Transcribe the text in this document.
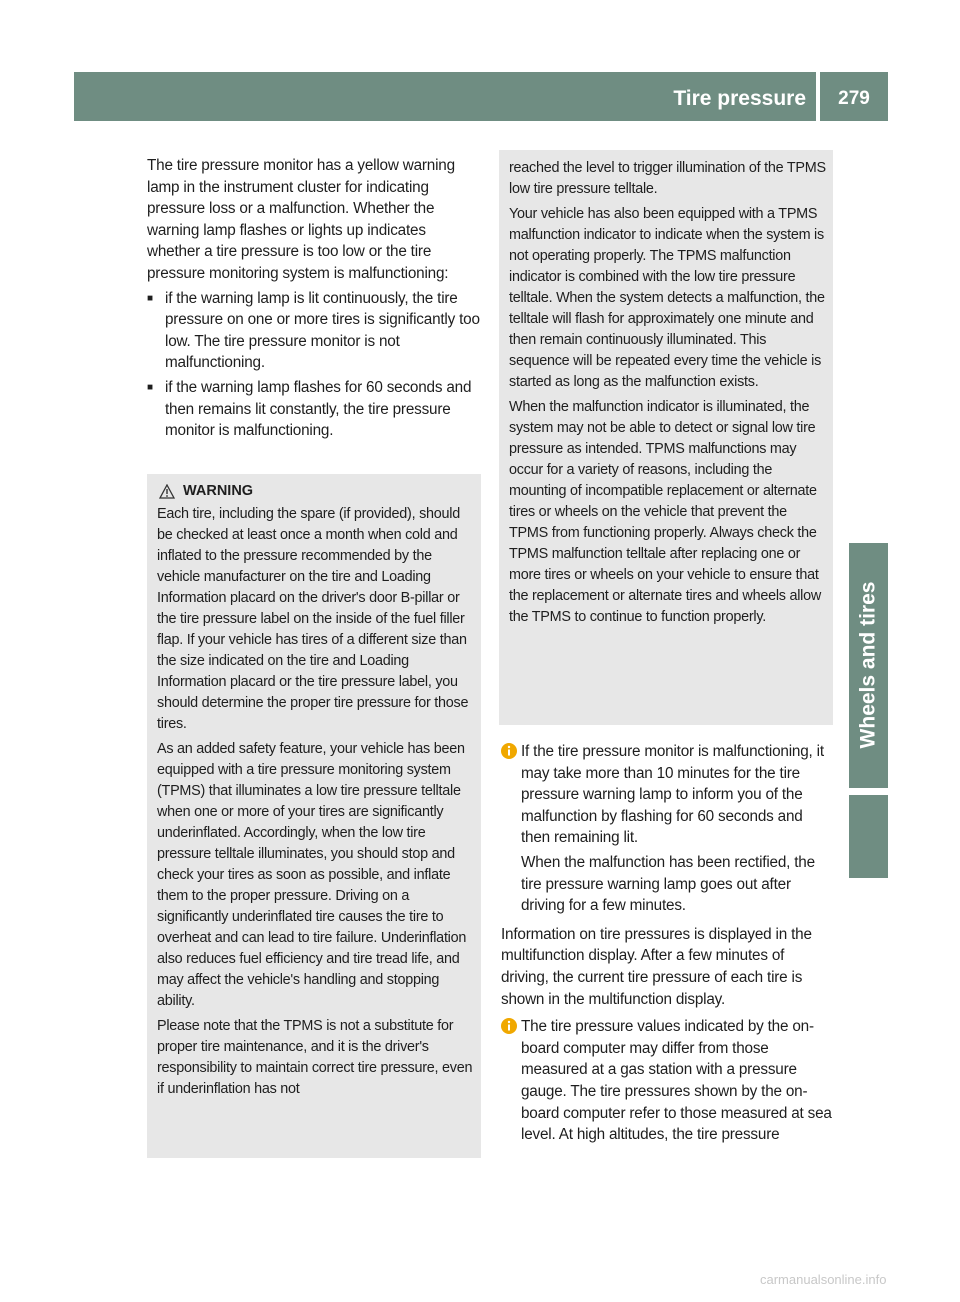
Tire pressure	279
Wheels and tires

The tire pressure monitor has a yellow warning lamp in the instrument cluster for indicating pressure loss or a malfunction. Whether the warning lamp flashes or lights up indicates whether a tire pressure is too low or the tire pressure monitoring system is malfunctioning:

■ if the warning lamp is lit continuously, the tire pressure on one or more tires is significantly too low. The tire pressure monitor is not malfunctioning.
■ if the warning lamp flashes for 60 seconds and then remains lit constantly, the tire pressure monitor is malfunctioning.
WARNING

Each tire, including the spare (if provided), should be checked at least once a month when cold and inflated to the pressure recommended by the vehicle manufacturer on the tire and Loading Information placard on the driver's door B-pillar or the tire pressure label on the inside of the fuel filler flap. If your vehicle has tires of a different size than the size indicated on the tire and Loading Information placard or the tire pressure label, you should determine the proper tire pressure for those tires.

As an added safety feature, your vehicle has been equipped with a tire pressure monitoring system (TPMS) that illuminates a low tire pressure telltale when one or more of your tires are significantly underinflated. Accordingly, when the low tire pressure telltale illuminates, you should stop and check your tires as soon as possible, and inflate them to the proper pressure. Driving on a significantly underinflated tire causes the tire to overheat and can lead to tire failure. Underinflation also reduces fuel efficiency and tire tread life, and may affect the vehicle's handling and stopping ability.

Please note that the TPMS is not a substitute for proper tire maintenance, and it is the driver's responsibility to maintain correct tire pressure, even if underinflation has not

reached the level to trigger illumination of the TPMS low tire pressure telltale.

Your vehicle has also been equipped with a TPMS malfunction indicator to indicate when the system is not operating properly. The TPMS malfunction indicator is combined with the low tire pressure telltale. When the system detects a malfunction, the telltale will flash for approximately one minute and then remain continuously illuminated. This sequence will be repeated every time the vehicle is started as long as the malfunction exists.

When the malfunction indicator is illuminated, the system may not be able to detect or signal low tire pressure as intended. TPMS malfunctions may occur for a variety of reasons, including the mounting of incompatible replacement or alternate tires or wheels on the vehicle that prevent the TPMS from functioning properly. Always check the TPMS malfunction telltale after replacing one or more tires or wheels on your vehicle to ensure that the replacement or alternate tires and wheels allow the TPMS to continue to function properly.

If the tire pressure monitor is malfunctioning, it may take more than 10 minutes for the tire pressure warning lamp to inform you of the malfunction by flashing for 60 seconds and then remaining lit.

When the malfunction has been rectified, the tire pressure warning lamp goes out after driving for a few minutes.

Information on tire pressures is displayed in the multifunction display. After a few minutes of driving, the current tire pressure of each tire is shown in the multifunction display.

The tire pressure values indicated by the on-board computer may differ from those measured at a gas station with a pressure gauge. The tire pressures shown by the on-board computer refer to those measured at sea level. At high altitudes, the tire pressure

carmanualsonline.info
